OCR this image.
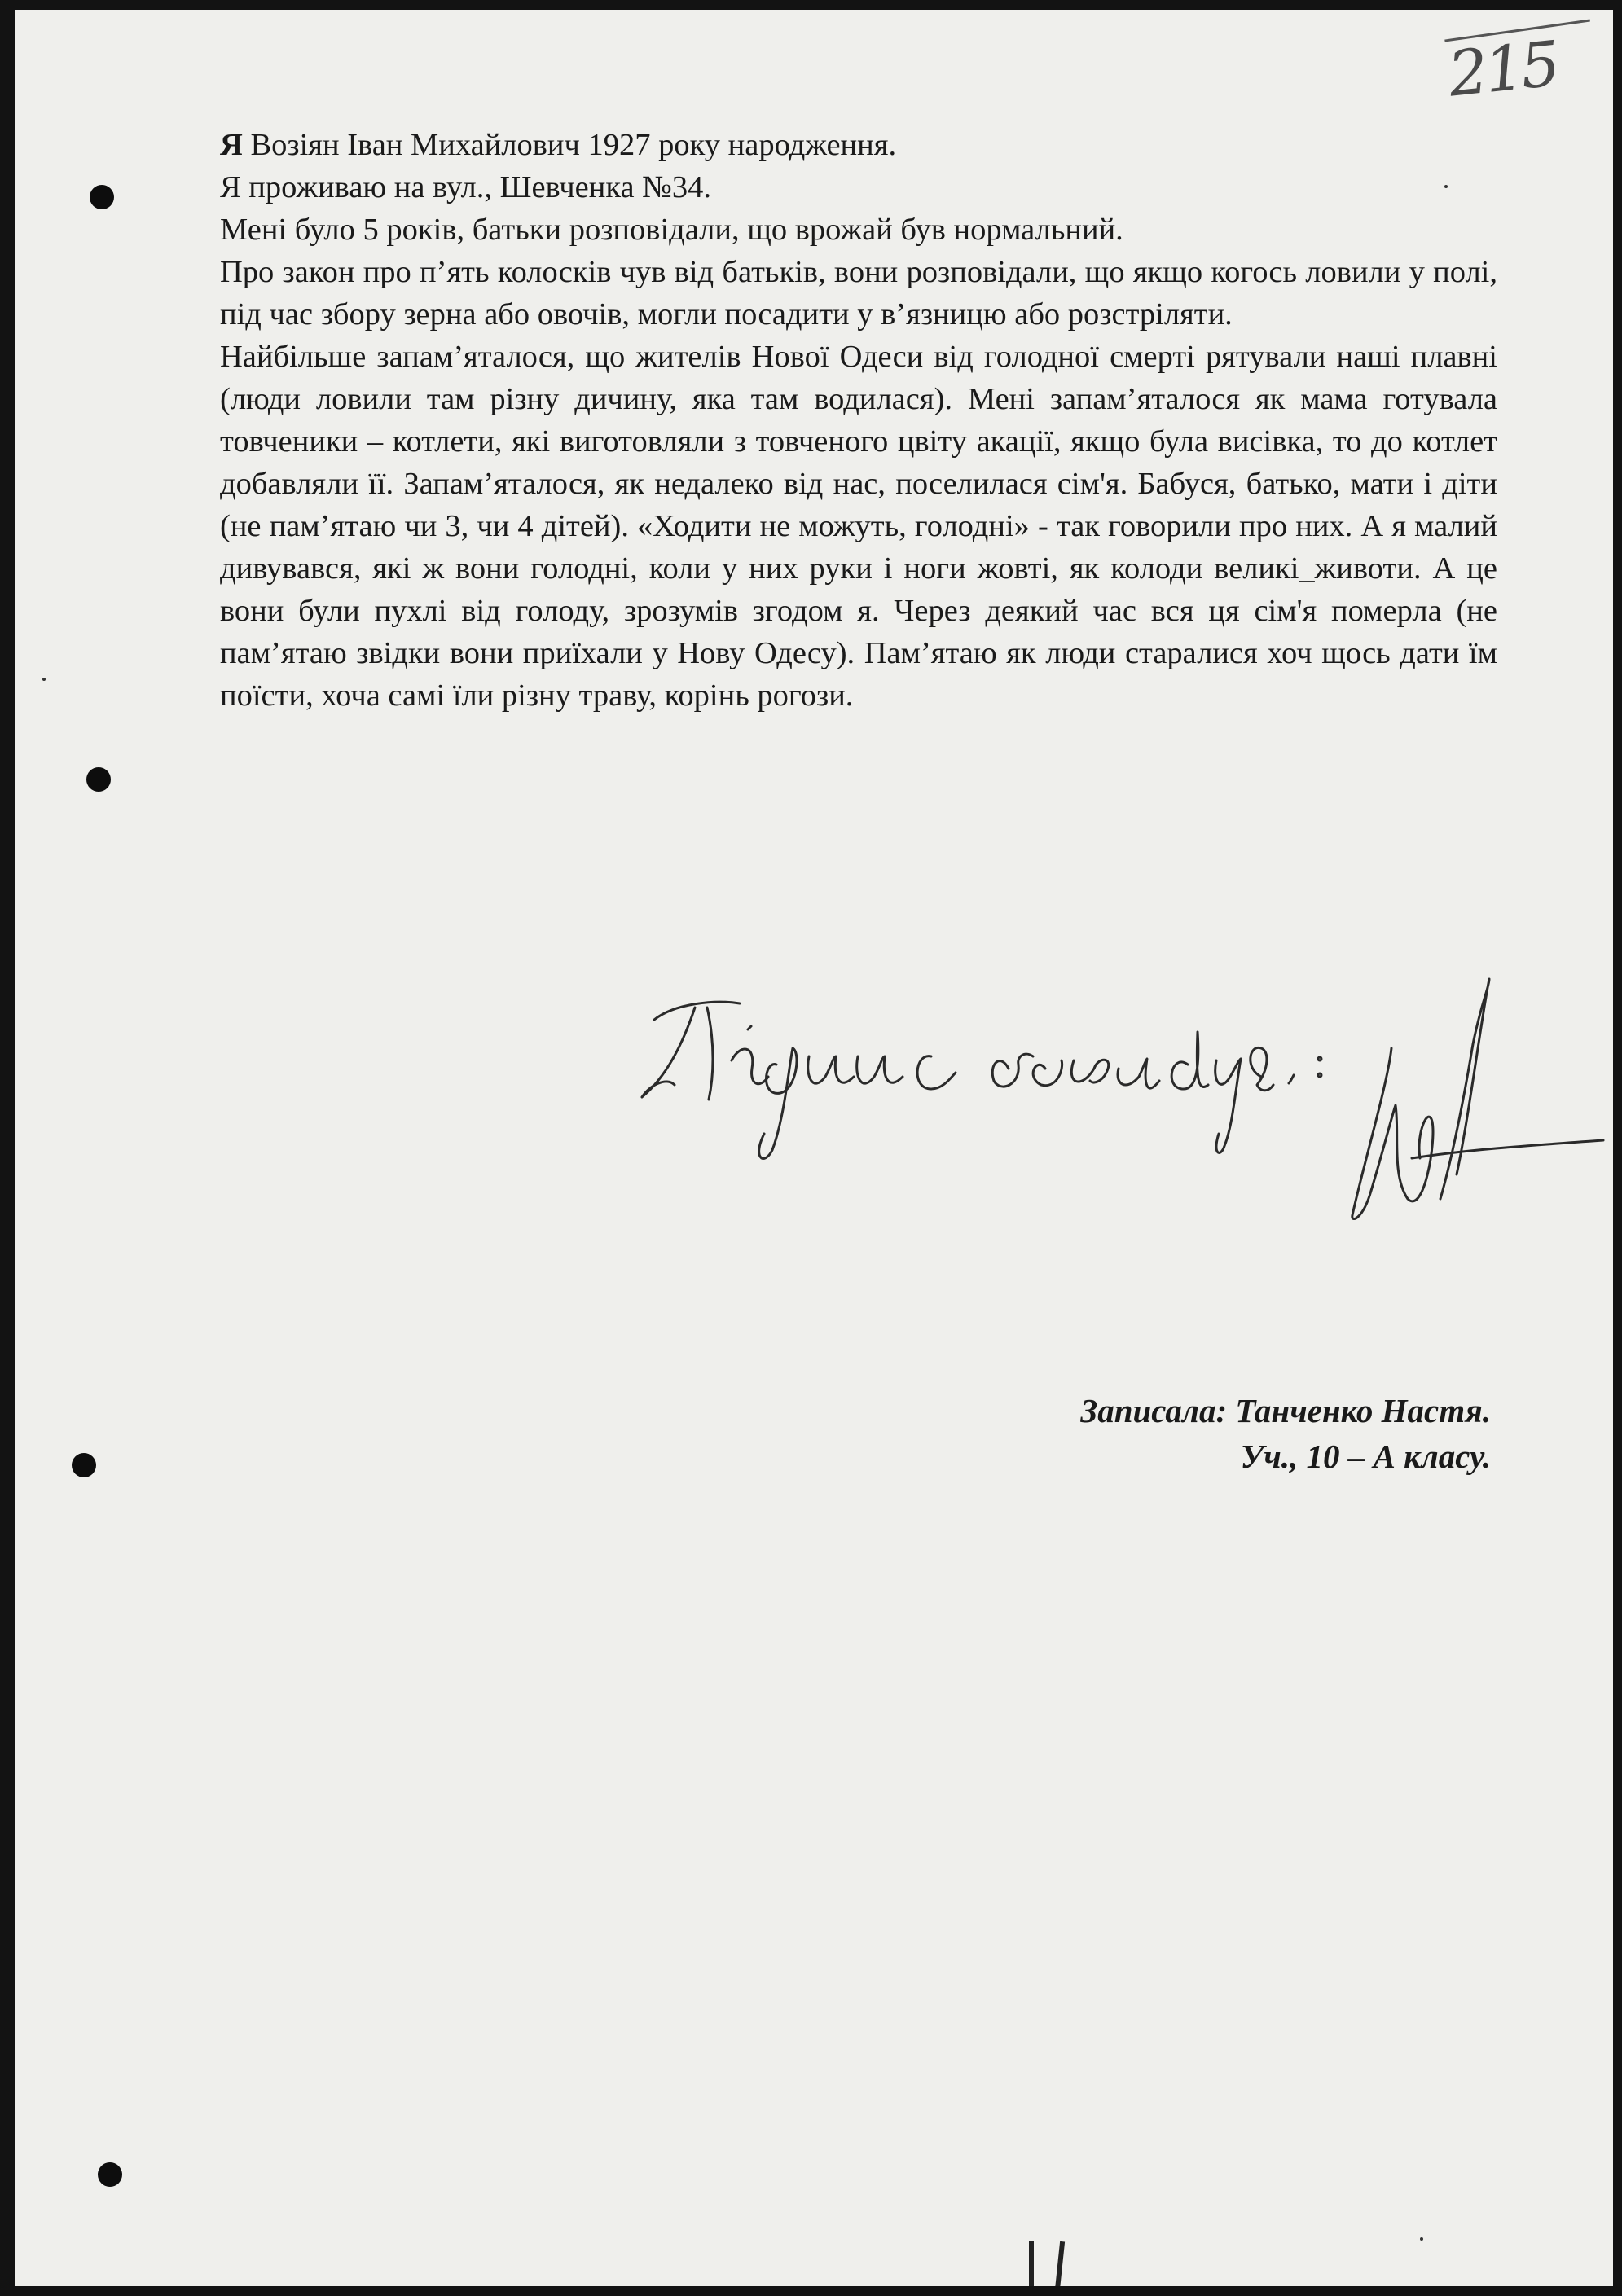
215

Я Возіян Іван Михайлович 1927 року народження.

Я проживаю на вул., Шевченка №34.

Мені було 5 років, батьки розповідали, що врожай був нормальний.

Про закон про п’ять колосків чув від батьків, вони розповідали, що якщо когось ловили у полі, під час збору зерна або овочів, могли посадити у в’язницю або розстріляти.

Найбільше запам’яталося, що жителів Нової Одеси від голодної смерті рятували наші плавні (люди ловили там різну дичину, яка там водилася). Мені запам’яталося як мама готувала товченики – котлети, які виготовляли з товченого цвіту акації, якщо була висівка, то до котлет добавляли її. Запам’яталося, як недалеко від нас, поселилася сім'я. Бабуся, батько, мати і діти (не пам’ятаю чи 3, чи 4 дітей). «Ходити не можуть, голодні» - так говорили про них. А я малий дивувався, які ж вони голодні, коли у них руки і ноги жовті, як колоди великі_животи. А це вони були пухлі від голоду, зрозумів згодом я. Через деякий час вся ця сім'я померла (не пам’ятаю звідки вони приїхали у Нову Одесу). Пам’ятаю як люди старалися хоч щось дати їм поїсти, хоча самі їли різну траву, корінь рогози.

Підпис очевидця:
Записала: Танченко Настя.
Уч., 10 – А класу.
